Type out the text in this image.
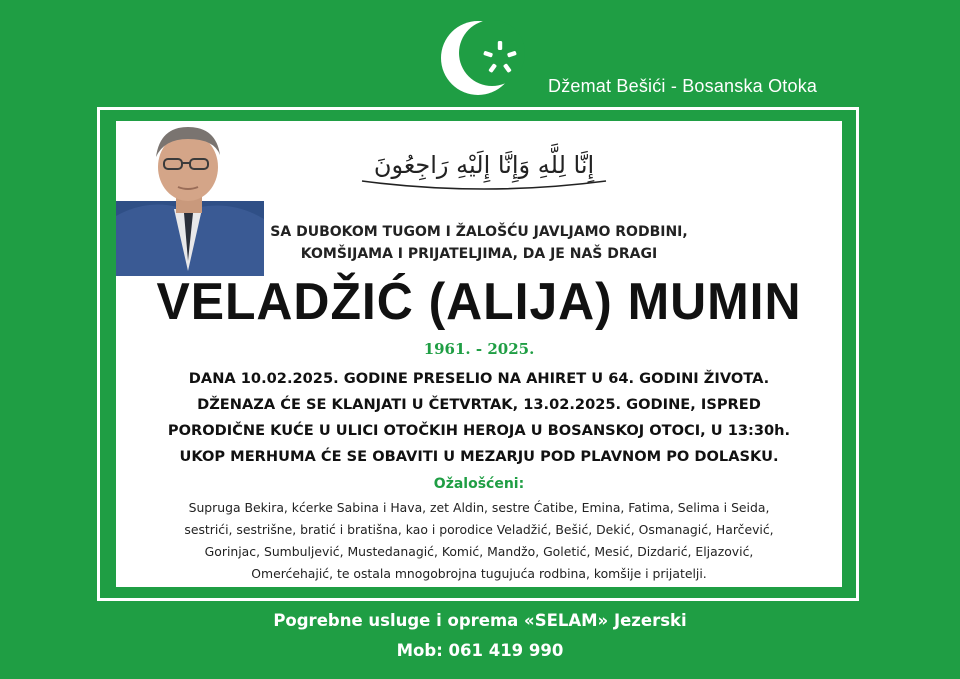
Džemat Bešići - Bosanska Otoka
إِنَّا لِلَّهِ وَإِنَّا إِلَيْهِ رَاجِعُونَ
SA DUBOKOM TUGOM I ŽALOŠĆU JAVLJAMO RODBINI,
KOMŠIJAMA I PRIJATELJIMA, DA JE NAŠ DRAGI
VELADŽIĆ (ALIJA) MUMIN
1961. - 2025.
DANA 10.02.2025. GODINE PRESELIO NA AHIRET U 64. GODINI ŽIVOTA.
DŽENAZA ĆE SE KLANJATI U ČETVRTAK, 13.02.2025. GODINE, ISPRED
PORODIČNE KUĆE U ULICI OTOČKIH HEROJA U BOSANSKOJ OTOCI, U 13:30h.
UKOP MERHUMA ĆE SE OBAVITI U MEZARJU POD PLAVNOM PO DOLASKU.
Ožalošćeni:
Supruga Bekira, kćerke Sabina i Hava, zet Aldin, sestre Ćatibe, Emina, Fatima, Selima i Seida,
sestrići, sestrišne, bratić i bratišna, kao i porodice Veladžić, Bešić, Dekić, Osmanagić, Harčević,
Gorinjac, Sumbuljević, Mustedanagić, Komić, Mandžo, Goletić, Mesić, Dizdarić, Eljazović,
Omerćehajić, te ostala mnogobrojna tugujuća rodbina, komšije i prijatelji.
Pogrebne usluge i oprema «SELAM» Jezerski
Mob: 061 419 990
